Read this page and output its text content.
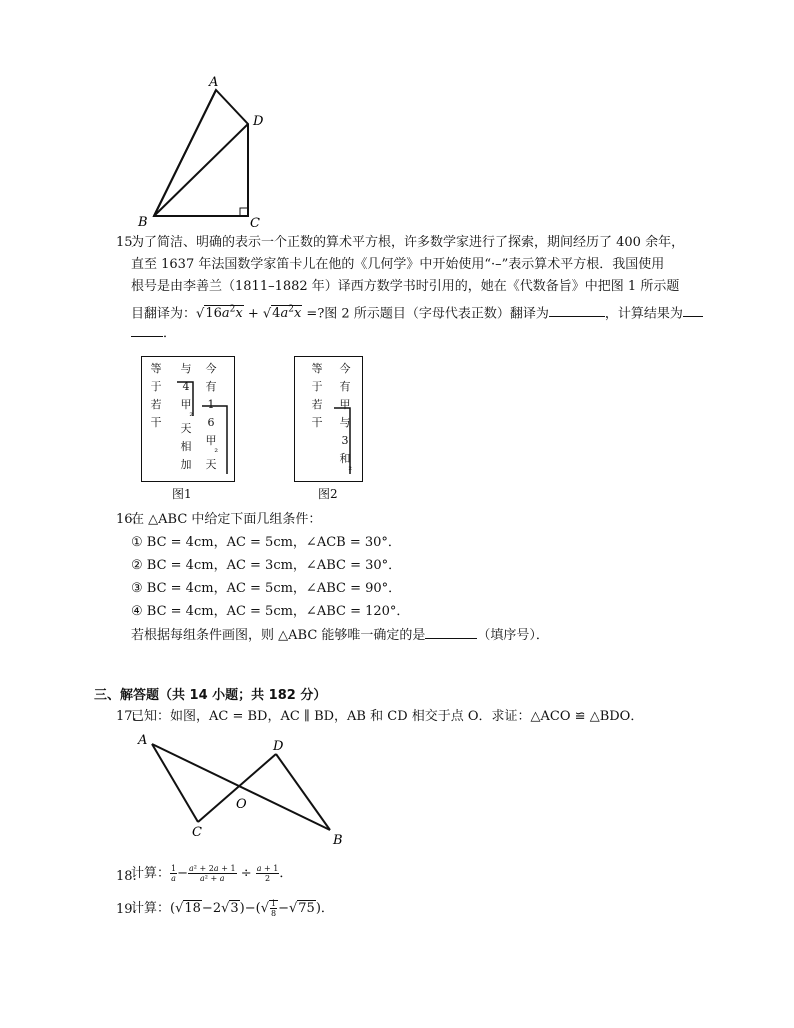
A
D
B	C
15.
为了简洁、明确的表示一个正数的算术平方根，许多数学家进行了探索，期间经历了 400 余年，
直至 1637 年法国数学家笛卡儿在他的《几何学》中开始使用“·–”表示算术平方根．我国使用
根号是由李善兰（1811–1882 年）译西方数学书时引用的，她在《代数备旨》中把图 1 所示题
目翻译为：$√16a^2x + √4a^2x$ =?图 2 所示题目（字母代表正数）翻译为	，计算结果为
．
等
于
若
干
与
4
甲
²
天
相
加
今
有
1
6
甲
²
天
图1
等
于
若
干
今
有
甲
与
3
和
²
图2
16.
在 △ABC 中给定下面几组条件：
① BC = 4cm，AC = 5cm，∠ACB = 30°．
② BC = 4cm，AC = 3cm，∠ABC = 30°．
③ BC = 4cm，AC = 5cm，∠ABC = 90°．
④ BC = 4cm，AC = 5cm，∠ABC = 120°．
若根据每组条件画图，则 △ABC 能够唯一确定的是	（填序号）．
三、解答题（共 14 小题；共 182 分）
17.
已知：如图，AC = BD，AC ∥ BD，AB 和 CD 相交于点 O．求证：△ACO ≌ △BDO．
A	D
O
C
B
18.
计算： $\frac{1}{a}- \frac{\text{a² + 2a + 1}}{\text{a² + a}} \div \frac{a + 1}{2}$．
19.
计算：$(√18-2√3)-(√ \frac{1}{8}-√75)$．
